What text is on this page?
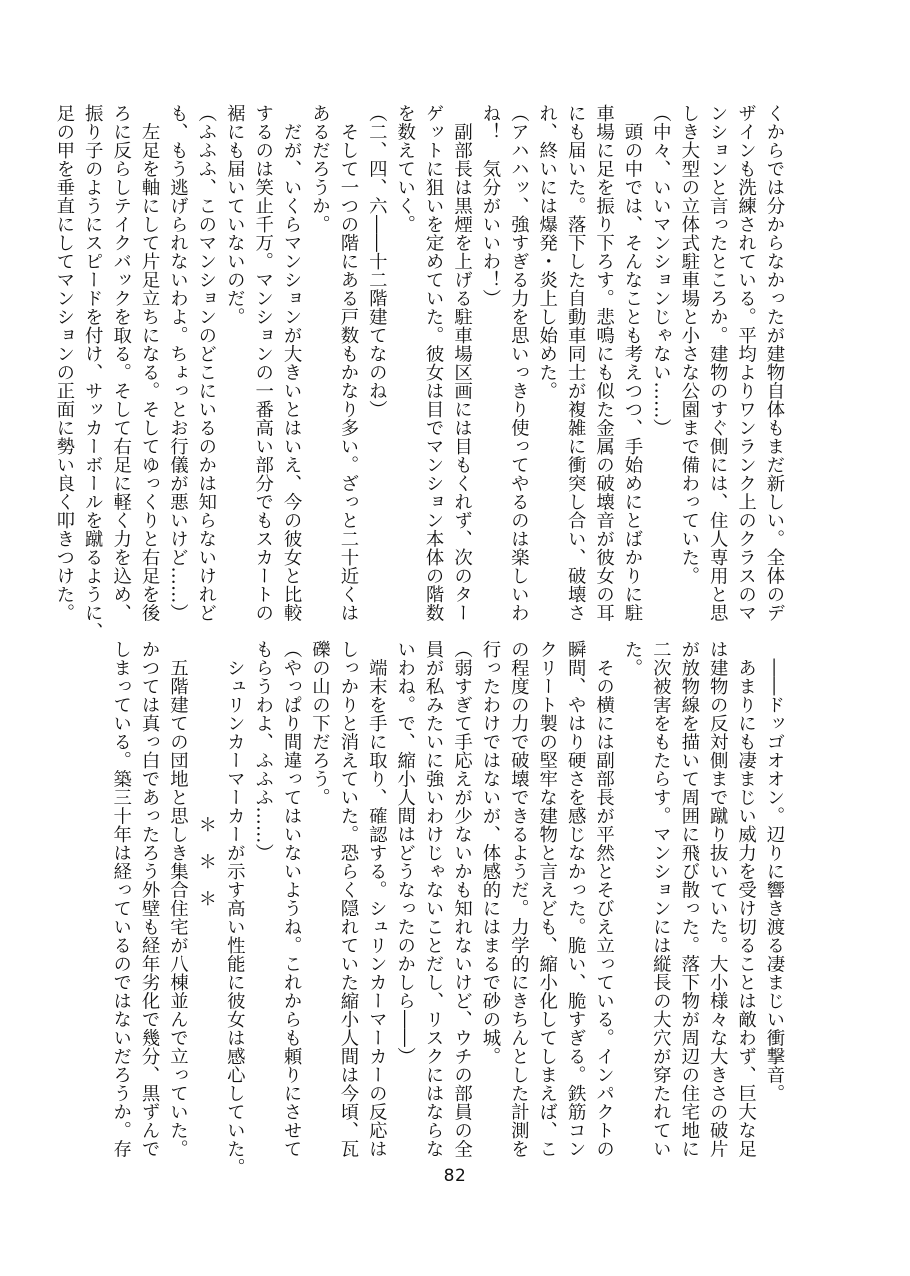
くからでは分からなかったが建物自体もまだ新しい。全体のデ
ザインも洗練されている。平均よりワンランク上のクラスのマ
ンションと言ったところか。建物のすぐ側には、住人専用と思
しき大型の立体式駐車場と小さな公園まで備わっていた。
（中々、いいマンションじゃない……）
　頭の中では、そんなことも考えつつ、手始めにとばかりに駐
車場に足を振り下ろす。悲鳴にも似た金属の破壊音が彼女の耳
にも届いた。落下した自動車同士が複雑に衝突し合い、破壊さ
れ、終いには爆発・炎上し始めた。
（アハハッ、強すぎる力を思いっきり使ってやるのは楽しいわ
ね！　気分がいいわ！）
　副部長は黒煙を上げる駐車場区画には目もくれず、次のター
ゲットに狙いを定めていた。彼女は目でマンション本体の階数
を数えていく。
（二、四、六――十二階建てなのね）
　そして一つの階にある戸数もかなり多い。ざっと二十近くは
あるだろうか。
　だが、いくらマンションが大きいとはいえ、今の彼女と比較
するのは笑止千万。マンションの一番高い部分でもスカートの
裾にも届いていないのだ。
（ふふふ、このマンションのどこにいるのかは知らないけれど
も、もう逃げられないわよ。ちょっとお行儀が悪いけど……）
　左足を軸にして片足立ちになる。そしてゆっくりと右足を後
ろに反らしテイクバックを取る。そして右足に軽く力を込め、
振り子のようにスピードを付け、サッカーボールを蹴るように、
足の甲を垂直にしてマンションの正面に勢い良く叩きつけた。
　――ドッゴオオン。辺りに響き渡る凄まじい衝撃音。
　あまりにも凄まじい威力を受け切ることは敵わず、巨大な足
は建物の反対側まで蹴り抜いていた。大小様々な大きさの破片
が放物線を描いて周囲に飛び散った。落下物が周辺の住宅地に
二次被害をもたらす。マンションには縦長の大穴が穿たれてい
た。
　その横には副部長が平然とそびえ立っている。インパクトの
瞬間、やはり硬さを感じなかった。脆い、脆すぎる。鉄筋コン
クリート製の堅牢な建物と言えども、縮小化してしまえば、こ
の程度の力で破壊できるようだ。力学的にきちんとした計測を
行ったわけではないが、体感的にはまるで砂の城。
（弱すぎて手応えが少ないかも知れないけど、ウチの部員の全
員が私みたいに強いわけじゃないことだし、リスクにはならな
いわね。で、縮小人間はどうなったのかしら――）
　端末を手に取り、確認する。シュリンカーマーカーの反応は
しっかりと消えていた。恐らく隠れていた縮小人間は今頃、瓦
礫の山の下だろう。
（やっぱり間違ってはいないようね。これからも頼りにさせて
もらうわよ、ふふふ……）
　シュリンカーマーカーが示す高い性能に彼女は感心していた。
＊　＊　＊
　五階建ての団地と思しき集合住宅が八棟並んで立っていた。
かつては真っ白であったろう外壁も経年劣化で幾分、黒ずんで
しまっている。築三十年は経っているのではないだろうか。存
82
